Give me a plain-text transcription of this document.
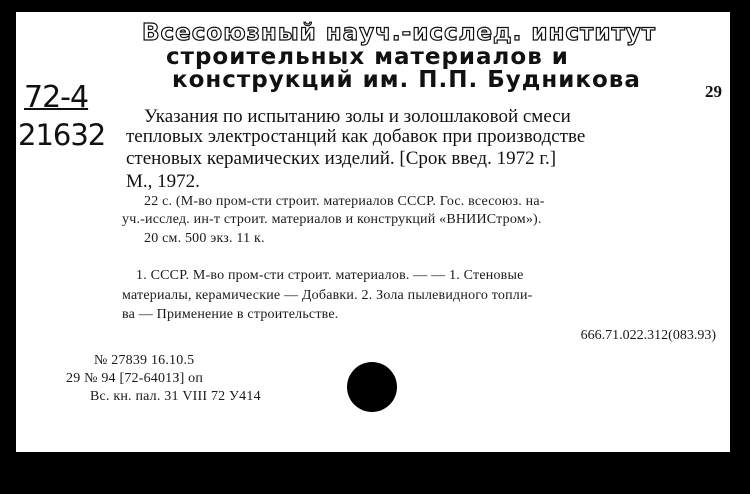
Всесоюзный науч.-исслед. институт
строительных материалов и
конструкций им. П.П. Будникова
72-4
21632
29
Указания по испытанию золы и золошлаковой смеси
тепловых электростанций как добавок при производстве
стеновых керамических изделий. [Срок введ. 1972 г.]
М., 1972.
22 с. (М-во пром-сти строит. материалов СССР. Гос. всесоюз. на-
уч.-исслед. ин-т строит. материалов и конструкций «ВНИИСтром»).
20 см. 500 экз. 11 к.
1. СССР. М-во пром-сти строит. материалов. — — 1. Стеновые
материалы, керамические — Добавки. 2. Зола пылевидного топли-
ва — Применение в строительстве.
666.71.022.312(083.93)
№ 27839 16.10.5
29 № 94 [72-6401З] оп
Вс. кн. пал. 31 VIII 72 У414
